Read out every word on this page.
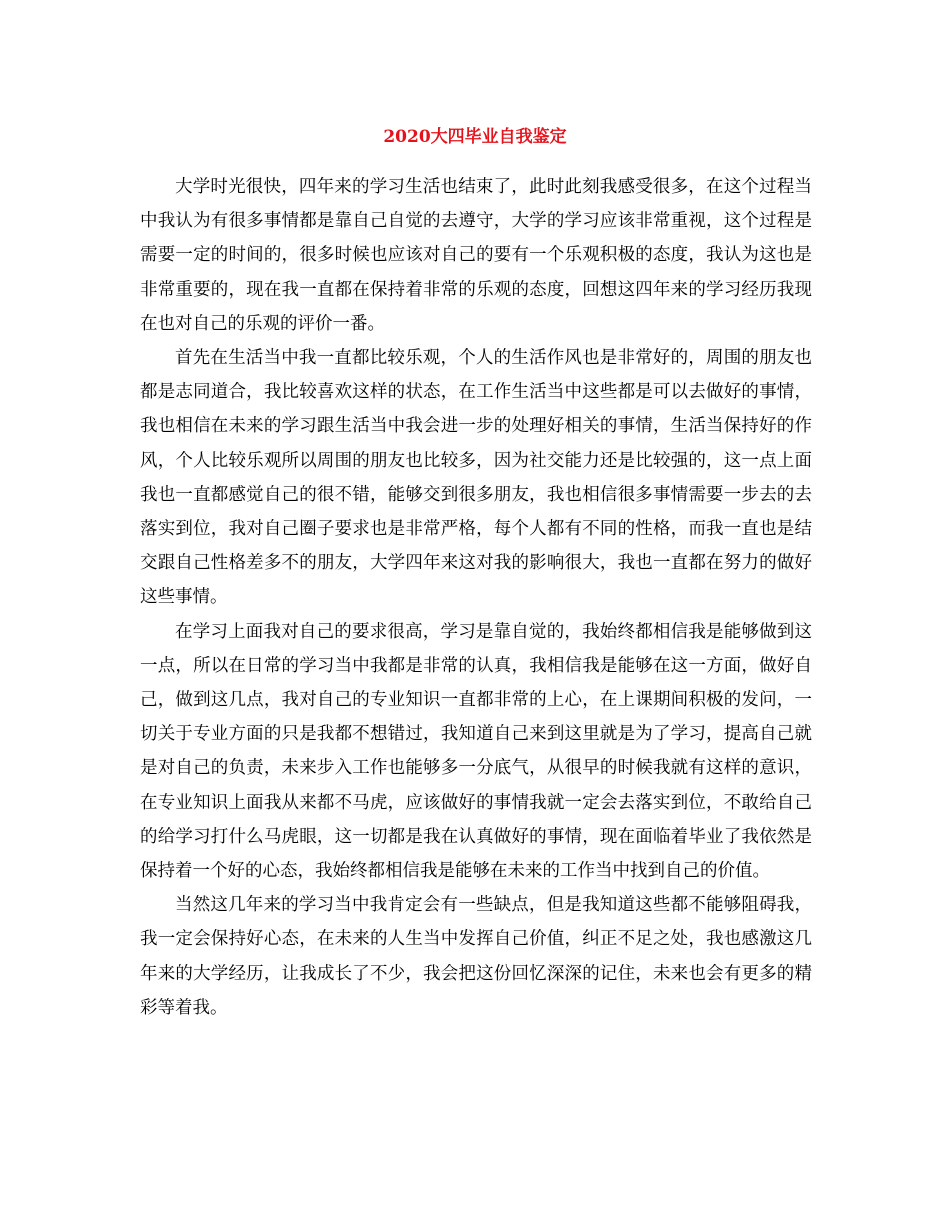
2020大四毕业自我鉴定

大学时光很快，四年来的学习生活也结束了，此时此刻我感受很多，在这个过程当中我认为有很多事情都是靠自己自觉的去遵守，大学的学习应该非常重视，这个过程是需要一定的时间的，很多时候也应该对自己的要有一个乐观积极的态度，我认为这也是非常重要的，现在我一直都在保持着非常的乐观的态度，回想这四年来的学习经历我现在也对自己的乐观的评价一番。

首先在生活当中我一直都比较乐观，个人的生活作风也是非常好的，周围的朋友也都是志同道合，我比较喜欢这样的状态，在工作生活当中这些都是可以去做好的事情，我也相信在未来的学习跟生活当中我会进一步的处理好相关的事情，生活当保持好的作风，个人比较乐观所以周围的朋友也比较多，因为社交能力还是比较强的，这一点上面我也一直都感觉自己的很不错，能够交到很多朋友，我也相信很多事情需要一步去的去落实到位，我对自己圈子要求也是非常严格，每个人都有不同的性格，而我一直也是结交跟自己性格差多不的朋友，大学四年来这对我的影响很大，我也一直都在努力的做好这些事情。

在学习上面我对自己的要求很高，学习是靠自觉的，我始终都相信我是能够做到这一点，所以在日常的学习当中我都是非常的认真，我相信我是能够在这一方面，做好自己，做到这几点，我对自己的专业知识一直都非常的上心，在上课期间积极的发问，一切关于专业方面的只是我都不想错过，我知道自己来到这里就是为了学习，提高自己就是对自己的负责，未来步入工作也能够多一分底气，从很早的时候我就有这样的意识，在专业知识上面我从来都不马虎，应该做好的事情我就一定会去落实到位，不敢给自己的给学习打什么马虎眼，这一切都是我在认真做好的事情，现在面临着毕业了我依然是保持着一个好的心态，我始终都相信我是能够在未来的工作当中找到自己的价值。

当然这几年来的学习当中我肯定会有一些缺点，但是我知道这些都不能够阻碍我，我一定会保持好心态，在未来的人生当中发挥自己价值，纠正不足之处，我也感激这几年来的大学经历，让我成长了不少，我会把这份回忆深深的记住，未来也会有更多的精彩等着我。
